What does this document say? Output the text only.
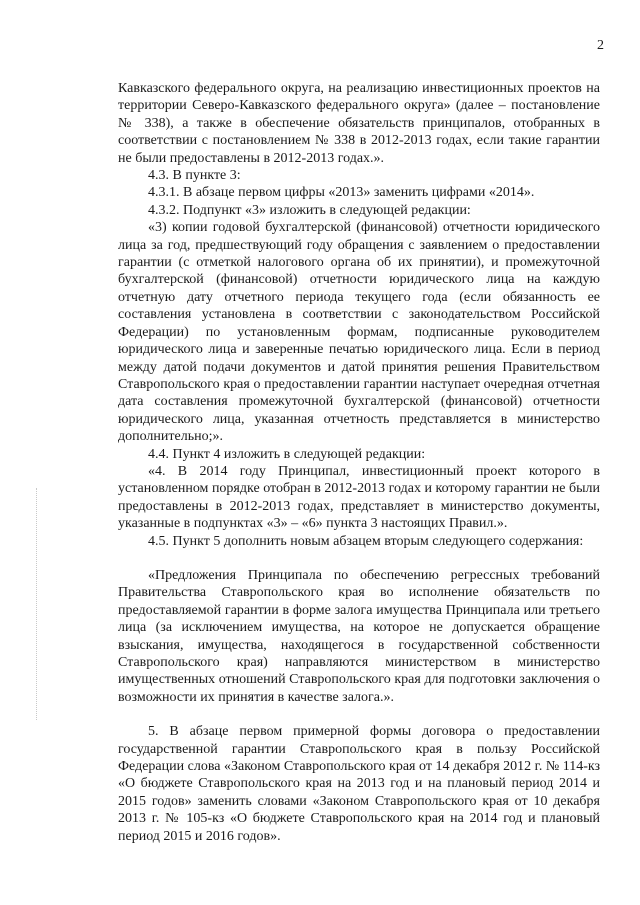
2

Кавказского федерального округа, на реализацию инвестиционных проектов на территории Северо-Кавказского федерального округа» (далее – постановление № 338), а также в обеспечение обязательств принципалов, отобранных в соответствии с постановлением № 338 в 2012-2013 годах, если такие гарантии не были предоставлены в 2012-2013 годах.».

4.3. В пункте 3:

4.3.1. В абзаце первом цифры «2013» заменить цифрами «2014».

4.3.2. Подпункт «3» изложить в следующей редакции:

«3) копии годовой бухгалтерской (финансовой) отчетности юридического лица за год, предшествующий году обращения с заявлением о предоставлении гарантии (с отметкой налогового органа об их принятии), и промежуточной бухгалтерской (финансовой) отчетности юридического лица на каждую отчетную дату отчетного периода текущего года (если обязанность ее составления установлена в соответствии с законодательством Российской Федерации) по установленным формам, подписанные руководителем юридического лица и заверенные печатью юридического лица. Если в период между датой подачи документов и датой принятия решения Правительством Ставропольского края о предоставлении гарантии наступает очередная отчетная дата составления промежуточной бухгалтерской (финансовой) отчетности юридического лица, указанная отчетность представляется в министерство дополнительно;».

4.4. Пункт 4 изложить в следующей редакции:

«4. В 2014 году Принципал, инвестиционный проект которого в установленном порядке отобран в 2012-2013 годах и которому гарантии не были предоставлены в 2012-2013 годах, представляет в министерство документы, указанные в подпунктах «3» – «6» пункта 3 настоящих Правил.».

4.5. Пункт 5 дополнить новым абзацем вторым следующего содержания:

«Предложения Принципала по обеспечению регрессных требований Правительства Ставропольского края во исполнение обязательств по предоставляемой гарантии в форме залога имущества Принципала или третьего лица (за исключением имущества, на которое не допускается обращение взыскания, имущества, находящегося в государственной собственности Ставропольского края) направляются министерством в министерство имущественных отношений Ставропольского края для подготовки заключения о возможности их принятия в качестве залога.».

5. В абзаце первом примерной формы договора о предоставлении государственной гарантии Ставропольского края в пользу Российской Федерации слова «Законом Ставропольского края от 14 декабря 2012 г. № 114-кз «О бюджете Ставропольского края на 2013 год и на плановый период 2014 и 2015 годов» заменить словами «Законом Ставропольского края от 10 декабря 2013 г. № 105-кз «О бюджете Ставропольского края на 2014 год и плановый период 2015 и 2016 годов».
